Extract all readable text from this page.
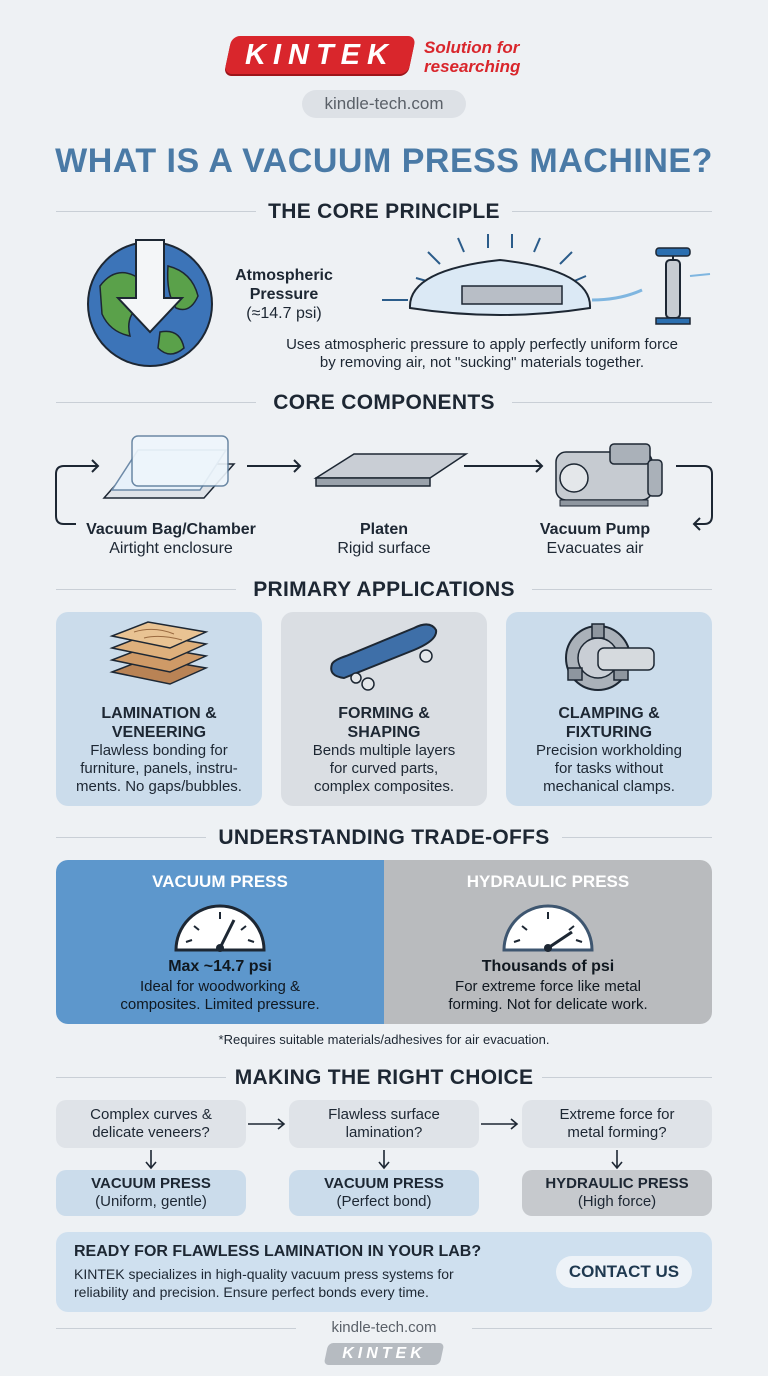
KINTEK	Solution for
researching
kindle-tech.com
WHAT IS A VACUUM PRESS MACHINE?
THE CORE PRINCIPLE
Atmospheric
Pressure
(≈14.7 psi)
Uses atmospheric pressure to apply perfectly uniform force
by removing air, not "sucking" materials together.
CORE COMPONENTS
Vacuum Bag/Chamber
Airtight enclosure
Platen
Rigid surface
Vacuum Pump
Evacuates air
PRIMARY APPLICATIONS
LAMINATION &
VENEERING
Flawless bonding for
furniture, panels, instru-
ments. No gaps/bubbles.
FORMING &
SHAPING
Bends multiple layers
for curved parts,
complex composites.
CLAMPING &
FIXTURING
Precision workholding
for tasks without
mechanical clamps.
UNDERSTANDING TRADE-OFFS
VACUUM PRESS	HYDRAULIC PRESS
Max ~14.7 psi
Ideal for woodworking &
composites. Limited pressure.
Thousands of psi
For extreme force like metal
forming. Not for delicate work.
*Requires suitable materials/adhesives for air evacuation.
MAKING THE RIGHT CHOICE
Complex curves &
delicate veneers?
Flawless surface
lamination?
Extreme force for
metal forming?
VACUUM PRESS
(Uniform, gentle)
VACUUM PRESS
(Perfect bond)
HYDRAULIC PRESS
(High force)
READY FOR FLAWLESS LAMINATION IN YOUR LAB?
KINTEK specializes in high-quality vacuum press systems for
reliability and precision. Ensure perfect bonds every time.
CONTACT US
kindle-tech.com
KINTEK
